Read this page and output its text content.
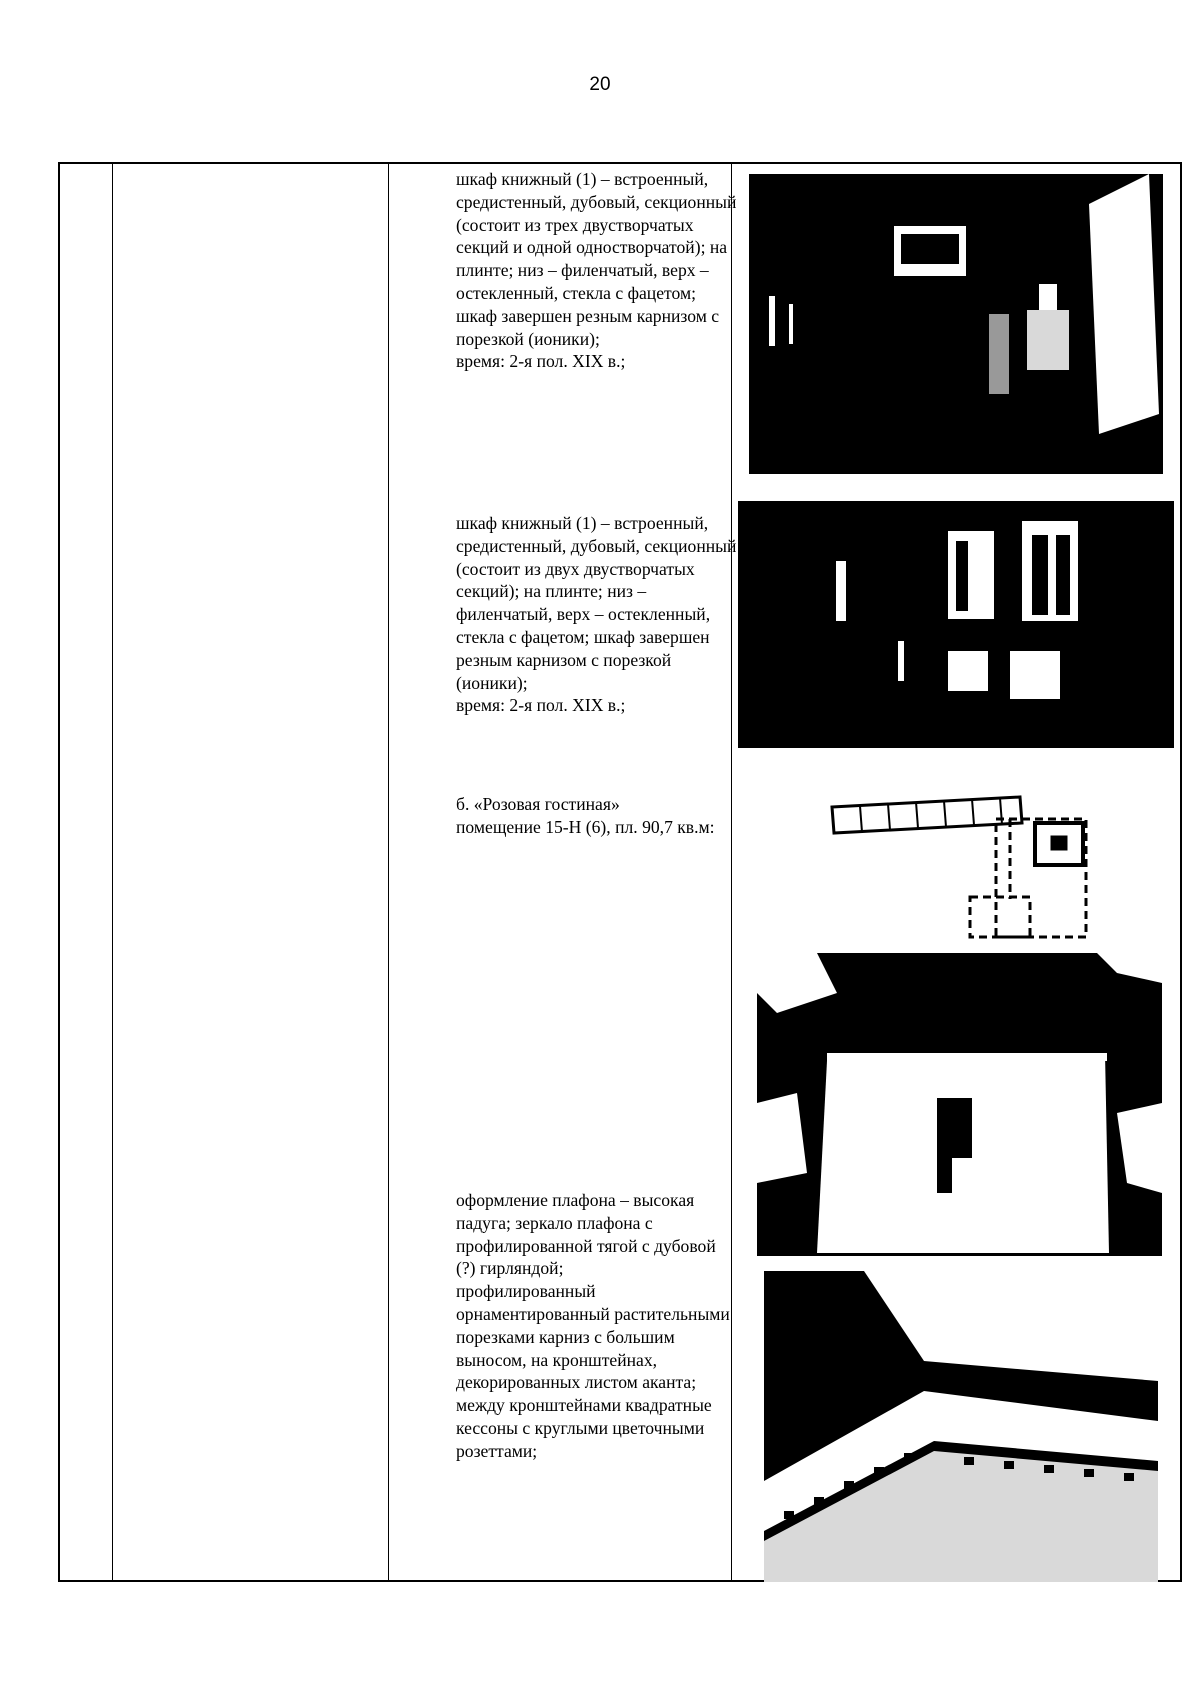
20
шкаф книжный (1) – встроенный,
средистенный, дубовый, секционный
(состоит из трех двустворчатых
секций и одной одностворчатой); на
плинте; низ – филенчатый, верх –
остекленный, стекла с фацетом;
шкаф завершен резным карнизом с
порезкой (ионики);
время: 2-я пол. XIX в.;
шкаф книжный (1) – встроенный,
средистенный, дубовый, секционный
(состоит из двух двустворчатых
секций); на плинте; низ –
филенчатый, верх – остекленный,
стекла с фацетом; шкаф завершен
резным карнизом с порезкой
(ионики);
время: 2-я пол. XIX в.;
б. «Розовая гостиная»
помещение 15-Н (6), пл. 90,7 кв.м:
оформление плафона – высокая
падуга; зеркало плафона с
профилированной тягой с дубовой
(?) гирляндой;
профилированный
орнаментированный растительными
порезками карниз с большим
выносом, на кронштейнах,
декорированных листом аканта;
между кронштейнами квадратные
кессоны с круглыми цветочными
розеттами;
